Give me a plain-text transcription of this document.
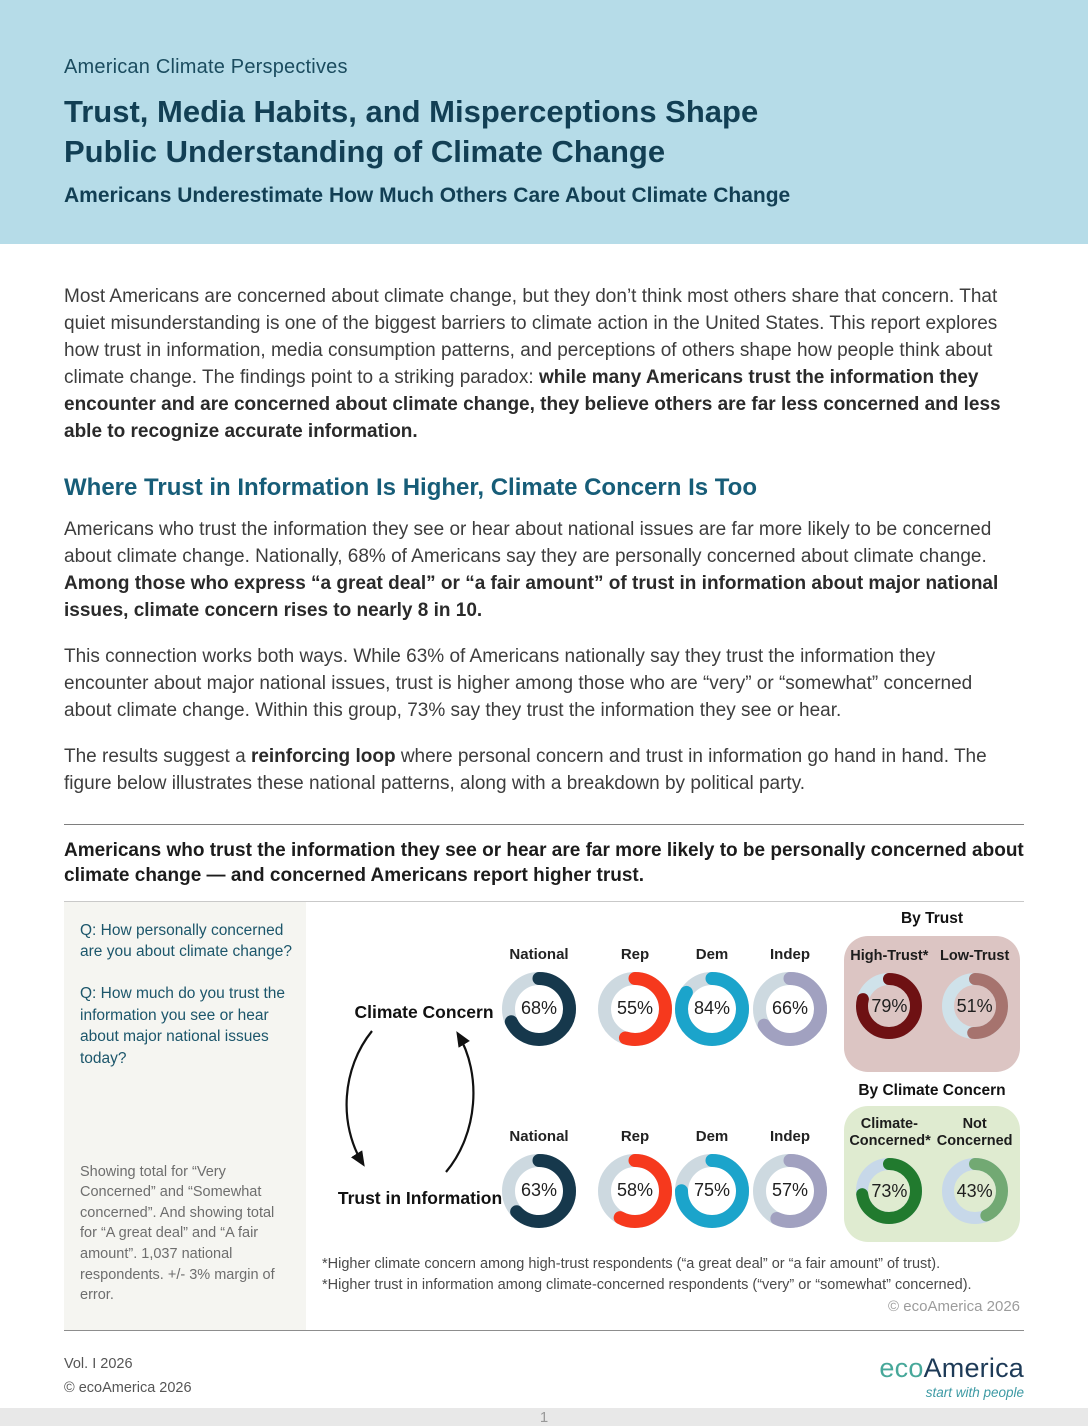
American Climate Perspectives
Trust, Media Habits, and Misperceptions Shape
Public Understanding of Climate Change
Americans Underestimate How Much Others Care About Climate Change

Most Americans are concerned about climate change, but they don’t think most others share that concern. That quiet misunderstanding is one of the biggest barriers to climate action in the United States. This report explores how trust in information, media consumption patterns, and perceptions of others shape how people think about climate change. The findings point to a striking paradox: while many Americans trust the information they encounter and are concerned about climate change, they believe others are far less concerned and less able to recognize accurate information.

Where Trust in Information Is Higher, Climate Concern Is Too

Americans who trust the information they see or hear about national issues are far more likely to be concerned about climate change. Nationally, 68% of Americans say they are personally concerned about climate change. Among those who express “a great deal” or “a fair amount” of trust in information about major national issues, climate concern rises to nearly 8 in 10.

This connection works both ways. While 63% of Americans nationally say they trust the information they encounter about major national issues, trust is higher among those who are “very” or “somewhat” concerned about climate change. Within this group, 73% say they trust the information they see or hear.

The results suggest a reinforcing loop where personal concern and trust in information go hand in hand. The figure below illustrates these national patterns, along with a breakdown by political party.

Americans who trust the information they see or hear are far more likely to be personally concerned about climate change — and concerned Americans report higher trust.
Q: How personally concerned are you about climate change?
Q: How much do you trust the information you see or hear about major national issues today?
Showing total for “Very Concerned” and “Somewhat concerned”. And showing total for “A great deal” and “A fair amount”. 1,037 national respondents. +/- 3% margin of error.
Climate Concern
Trust in Information
National
68%
Rep
55%
Dem
84%
Indep
66%
By Trust
High-Trust*
79%
Low-Trust
51%
National
63%
Rep
58%
Dem
75%
Indep
57%
By Climate Concern
Climate-Concerned*
73%
Not Concerned
43%
*Higher climate concern among high-trust respondents (“a great deal” or “a fair amount” of trust).
*Higher trust in information among climate-concerned respondents (“very” or “somewhat” concerned).
© ecoAmerica 2026
Vol. I 2026
© ecoAmerica 2026
ecoAmerica
start with people
1
